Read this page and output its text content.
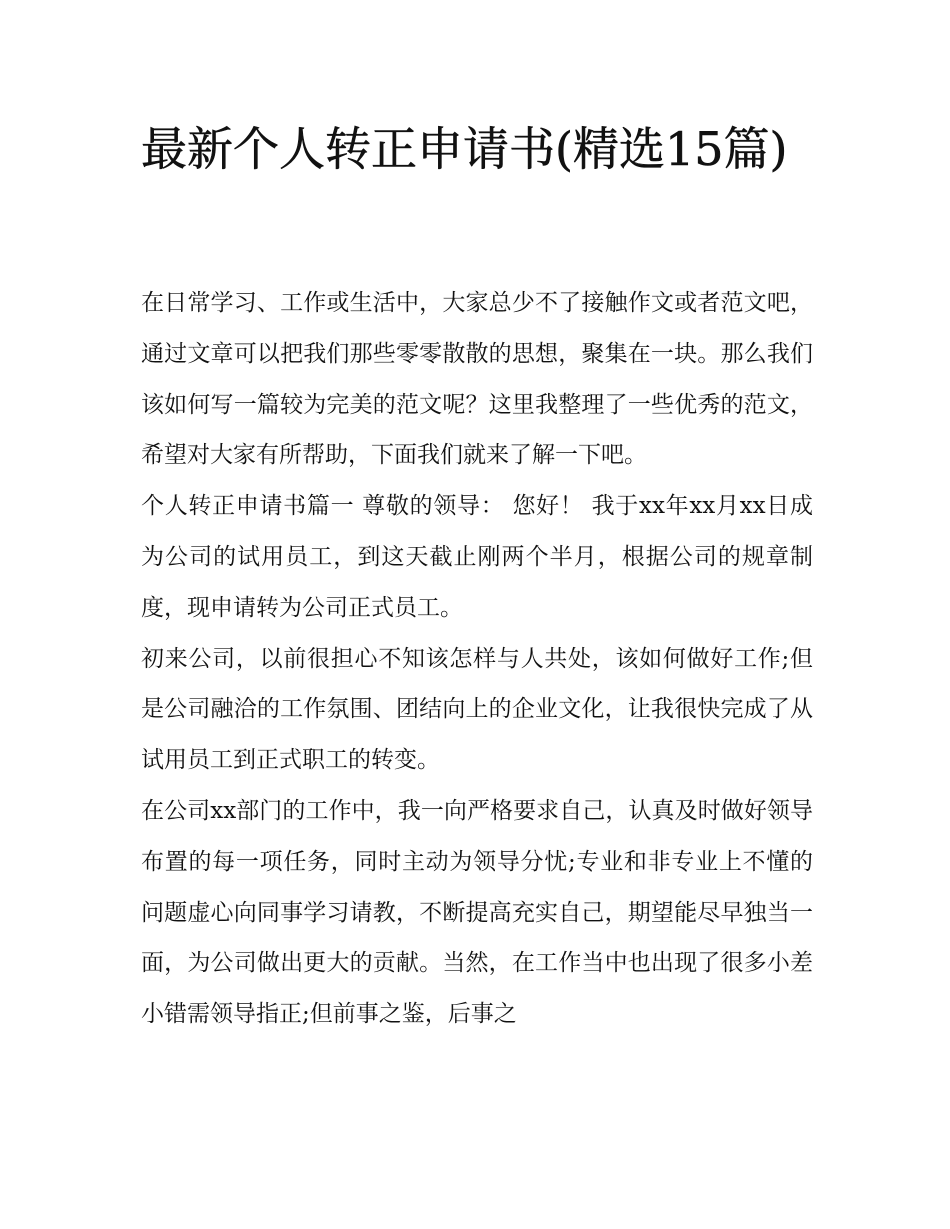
最新个人转正申请书(精选15篇)

在日常学习、工作或生活中，大家总少不了接触作文或者范文吧，通过文章可以把我们那些零零散散的思想，聚集在一块。那么我们该如何写一篇较为完美的范文呢？这里我整理了一些优秀的范文，希望对大家有所帮助，下面我们就来了解一下吧。

个人转正申请书篇一 尊敬的领导： 您好！ 我于xx年xx月xx日成为公司的试用员工，到这天截止刚两个半月，根据公司的规章制度，现申请转为公司正式员工。

初来公司，以前很担心不知该怎样与人共处，该如何做好工作;但是公司融洽的工作氛围、团结向上的企业文化，让我很快完成了从试用员工到正式职工的转变。

在公司xx部门的工作中，我一向严格要求自己，认真及时做好领导布置的每一项任务，同时主动为领导分忧;专业和非专业上不懂的问题虚心向同事学习请教，不断提高充实自己，期望能尽早独当一面，为公司做出更大的贡献。当然，在工作当中也出现了很多小差小错需领导指正;但前事之鉴，后事之
